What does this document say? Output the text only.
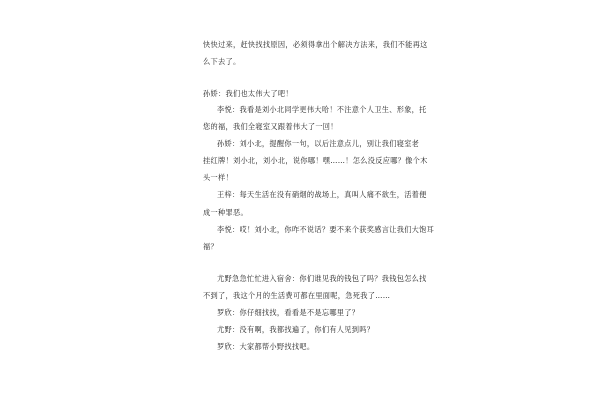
快快过来，赶快找找原因，必须得拿出个解决方法来，我们不能再这
么下去了。
孙娇：我们也太伟大了吧！
李悦：我看是刘小北同学更伟大哈！不注意个人卫生、形象，托
您的福，我们全寝室又跟着伟大了一回！
孙娇：刘小北，提醒你一句，以后注意点儿，别让我们寝室老
挂红牌！刘小北，刘小北，说你哪！嘿……！怎么没反应哪？像个木
头一样！
王梓：每天生活在没有硝烟的战场上，真叫人痛不欲生，活着便
成一种罪恶。
李悦：哎！刘小北，你咋不说话？要不来个获奖感言让我们大饱耳
福？
尤野急急忙忙进入宿舍：你们谁见我的钱包了吗？我钱包怎么找
不到了，我这个月的生活费可都在里面呢，急死我了……
罗欣：你仔细找找，看看是不是忘哪里了？
尤野：没有啊，我都找遍了，你们有人见到吗？
罗欣：大家都帮小野找找吧。
